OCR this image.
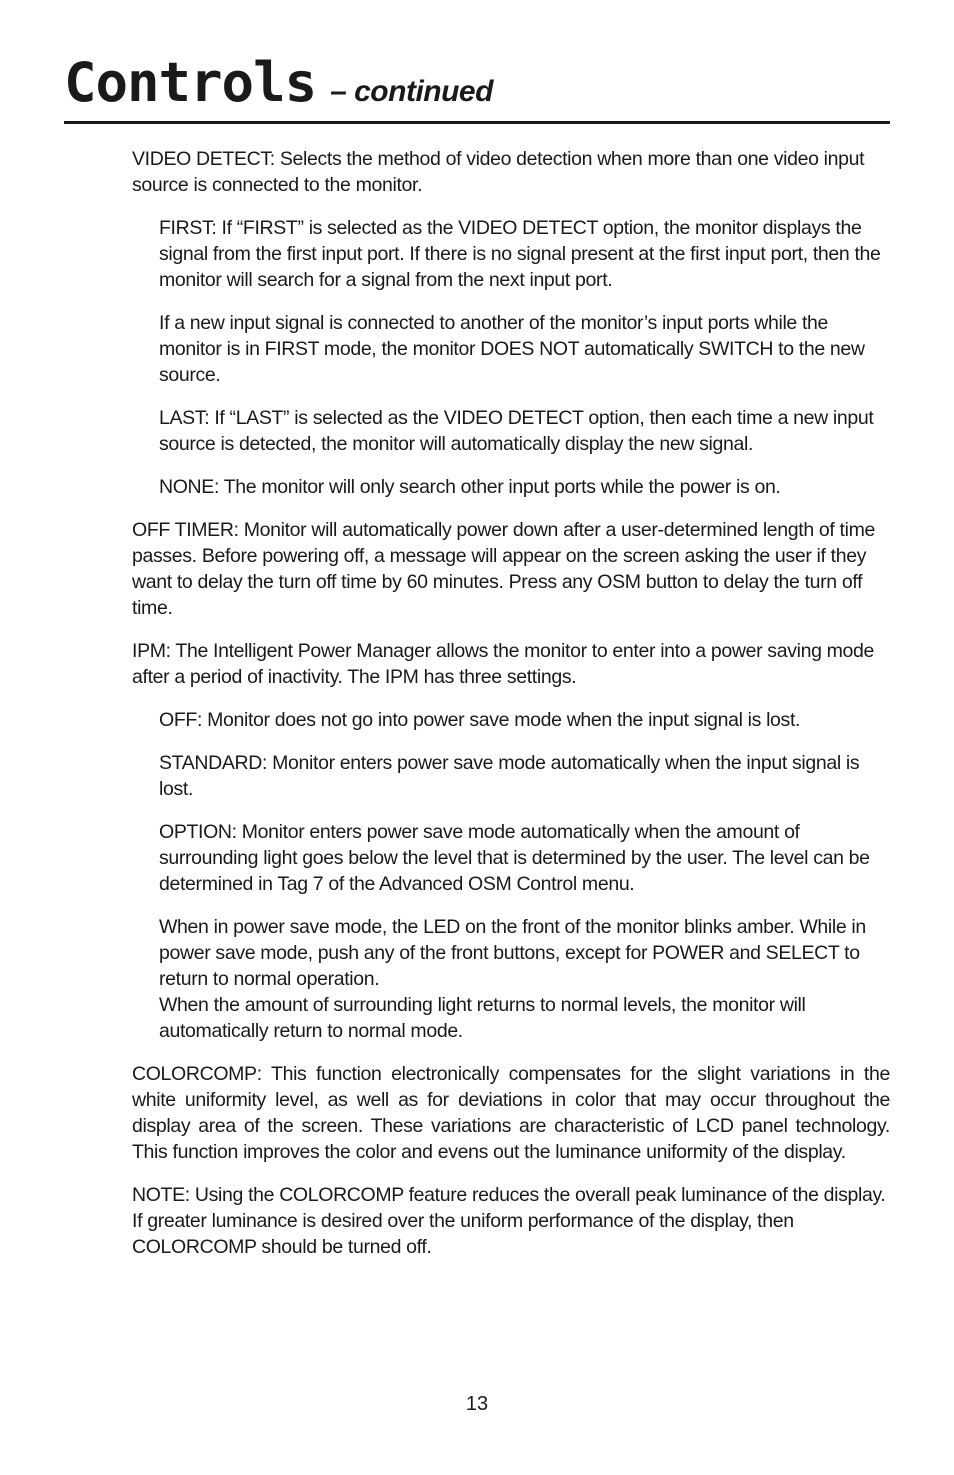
Controls – continued

VIDEO DETECT: Selects the method of video detection when more than one video input source is connected to the monitor.

FIRST: If “FIRST” is selected as the VIDEO DETECT option, the monitor displays the signal from the first input port. If there is no signal present at the first input port, then the monitor will search for a signal from the next input port.

If a new input signal is connected to another of the monitor’s input ports while the monitor is in FIRST mode, the monitor DOES NOT automatically SWITCH to the new source.

LAST: If “LAST” is selected as the VIDEO DETECT option, then each time a new input source is detected, the monitor will automatically display the new signal.

NONE: The monitor will only search other input ports while the power is on.

OFF TIMER: Monitor will automatically power down after a user-determined length of time passes. Before powering off, a message will appear on the screen asking the user if they want to delay the turn off time by 60 minutes. Press any OSM button to delay the turn off time.

IPM: The Intelligent Power Manager allows the monitor to enter into a power saving mode after a period of inactivity. The IPM has three settings.

OFF: Monitor does not go into power save mode when the input signal is lost.

STANDARD: Monitor enters power save mode automatically when the input signal is lost.

OPTION: Monitor enters power save mode automatically when the amount of surrounding light goes below the level that is determined by the user. The level can be determined in Tag 7 of the Advanced OSM Control menu.

When in power save mode, the LED on the front of the monitor blinks amber. While in power save mode, push any of the front buttons, except for POWER and SELECT to return to normal operation.

When the amount of surrounding light returns to normal levels, the monitor will automatically return to normal mode.

COLORCOMP: This function electronically compensates for the slight variations in the white uniformity level, as well as for deviations in color that may occur throughout the display area of the screen. These variations are characteristic of LCD panel technology. This function improves the color and evens out the luminance uniformity of the display.

NOTE: Using the COLORCOMP feature reduces the overall peak luminance of the display. If greater luminance is desired over the uniform performance of the display, then COLORCOMP should be turned off.

13
